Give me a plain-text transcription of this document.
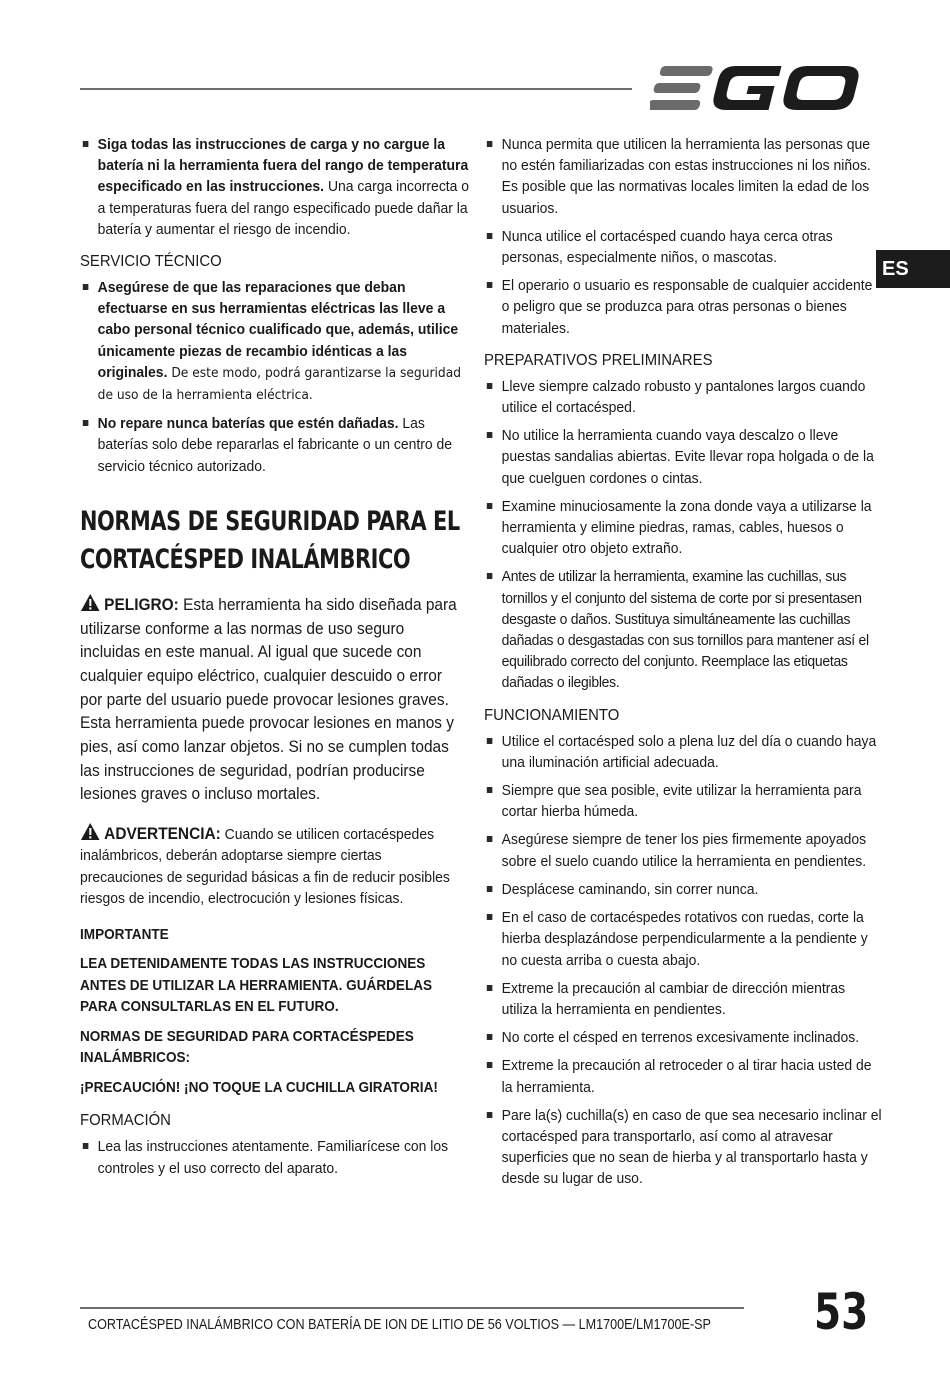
ES
Siga todas las instrucciones de carga y no cargue la batería ni la herramienta fuera del rango de temperatura especificado en las instrucciones. Una carga incorrecta o a temperaturas fuera del rango especificado puede dañar la batería y aumentar el riesgo de incendio.
SERVICIO TÉCNICO
Asegúrese de que las reparaciones que deban efectuarse en sus herramientas eléctricas las lleve a cabo personal técnico cualificado que, además, utilice únicamente piezas de recambio idénticas a las originales. De este modo, podrá garantizarse la seguridad de uso de la herramienta eléctrica.
No repare nunca baterías que estén dañadas. Las baterías solo debe repararlas el fabricante o un centro de servicio técnico autorizado.
NORMAS DE SEGURIDAD PARA EL
CORTACÉSPED INALÁMBRICO

PELIGRO: Esta herramienta ha sido diseñada para utilizarse conforme a las normas de uso seguro incluidas en este manual. Al igual que sucede con cualquier equipo eléctrico, cualquier descuido o error por parte del usuario puede provocar lesiones graves. Esta herramienta puede provocar lesiones en manos y pies, así como lanzar objetos. Si no se cumplen todas las instrucciones de seguridad, podrían producirse lesiones graves o incluso mortales.

ADVERTENCIA: Cuando se utilicen cortacéspedes inalámbricos, deberán adoptarse siempre ciertas precauciones de seguridad básicas a fin de reducir posibles riesgos de incendio, electrocución y lesiones físicas.

IMPORTANTE
LEA DETENIDAMENTE TODAS LAS INSTRUCCIONES ANTES DE UTILIZAR LA HERRAMIENTA. GUÁRDELAS PARA CONSULTARLAS EN EL FUTURO.
NORMAS DE SEGURIDAD PARA CORTACÉSPEDES INALÁMBRICOS:
¡PRECAUCIÓN! ¡NO TOQUE LA CUCHILLA GIRATORIA!
FORMACIÓN
Lea las instrucciones atentamente. Familiarícese con los controles y el uso correcto del aparato.
Nunca permita que utilicen la herramienta las personas que no estén familiarizadas con estas instrucciones ni los niños. Es posible que las normativas locales limiten la edad de los usuarios.
Nunca utilice el cortacésped cuando haya cerca otras personas, especialmente niños, o mascotas.
El operario o usuario es responsable de cualquier accidente o peligro que se produzca para otras personas o bienes materiales.
PREPARATIVOS PRELIMINARES
Lleve siempre calzado robusto y pantalones largos cuando utilice el cortacésped.
No utilice la herramienta cuando vaya descalzo o lleve puestas sandalias abiertas. Evite llevar ropa holgada o de la que cuelguen cordones o cintas.
Examine minuciosamente la zona donde vaya a utilizarse la herramienta y elimine piedras, ramas, cables, huesos o cualquier otro objeto extraño.
Antes de utilizar la herramienta, examine las cuchillas, sus tornillos y el conjunto del sistema de corte por si presentasen desgaste o daños. Sustituya simultáneamente las cuchillas dañadas o desgastadas con sus tornillos para mantener así el equilibrado correcto del conjunto. Reemplace las etiquetas dañadas o ilegibles.
FUNCIONAMIENTO
Utilice el cortacésped solo a plena luz del día o cuando haya una iluminación artificial adecuada.
Siempre que sea posible, evite utilizar la herramienta para cortar hierba húmeda.
Asegúrese siempre de tener los pies firmemente apoyados sobre el suelo cuando utilice la herramienta en pendientes.
Desplácese caminando, sin correr nunca.
En el caso de cortacéspedes rotativos con ruedas, corte la hierba desplazándose perpendicularmente a la pendiente y no cuesta arriba o cuesta abajo.
Extreme la precaución al cambiar de dirección mientras utiliza la herramienta en pendientes.
No corte el césped en terrenos excesivamente inclinados.
Extreme la precaución al retroceder o al tirar hacia usted de la herramienta.
Pare la(s) cuchilla(s) en caso de que sea necesario inclinar el cortacésped para transportarlo, así como al atravesar superficies que no sean de hierba y al transportarlo hasta y desde su lugar de uso.
CORTACÉSPED INALÁMBRICO CON BATERÍA DE ION DE LITIO DE 56 VOLTIOS — LM1700E/LM1700E-SP 53
